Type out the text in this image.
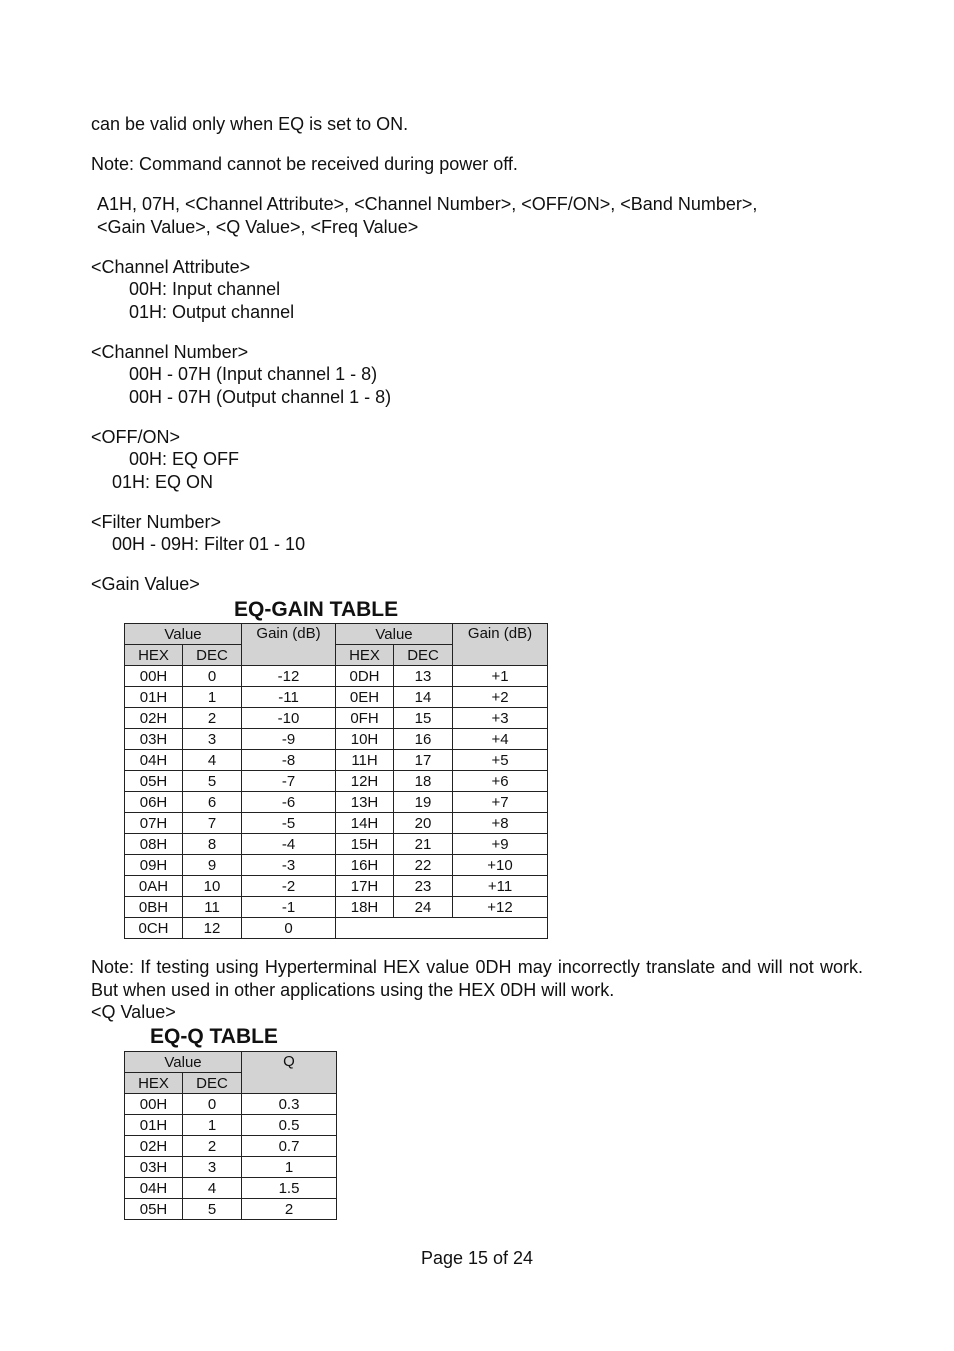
can be valid only when EQ is set to ON.
Note: Command cannot be received during power off.
A1H, 07H, <Channel Attribute>, <Channel Number>, <OFF/ON>, <Band Number>,
<Gain Value>, <Q Value>, <Freq Value>
<Channel Attribute>
00H: Input channel
01H: Output channel
<Channel Number>
00H - 07H (Input channel 1 - 8)
00H - 07H (Output channel 1 - 8)
<OFF/ON>
00H: EQ OFF
01H: EQ ON
<Filter Number>
00H - 09H: Filter 01 - 10
<Gain Value>
EQ-GAIN TABLE
Value		Gain (dB)	Value		Gain (dB)
HEX	DEC		HEX	DEC	
00H	0	-12	0DH	13	+1
01H	1	-11	0EH	14	+2
02H	2	-10	0FH	15	+3
03H	3	-9	10H	16	+4
04H	4	-8	11H	17	+5
05H	5	-7	12H	18	+6
06H	6	-6	13H	19	+7
07H	7	-5	14H	20	+8
08H	8	-4	15H	21	+9
09H	9	-3	16H	22	+10
0AH	10	-2	17H	23	+11
0BH	11	-1	18H	24	+12
0CH	12	0			
Note: If testing using Hyperterminal HEX value 0DH may incorrectly translate and will not work. But when used in other applications using the HEX 0DH will work.
<Q Value>
EQ-Q TABLE
Value		Q
HEX	DEC	
00H	0	0.3
01H	1	0.5
02H	2	0.7
03H	3	1
04H	4	1.5
05H	5	2
Page 15 of 24
